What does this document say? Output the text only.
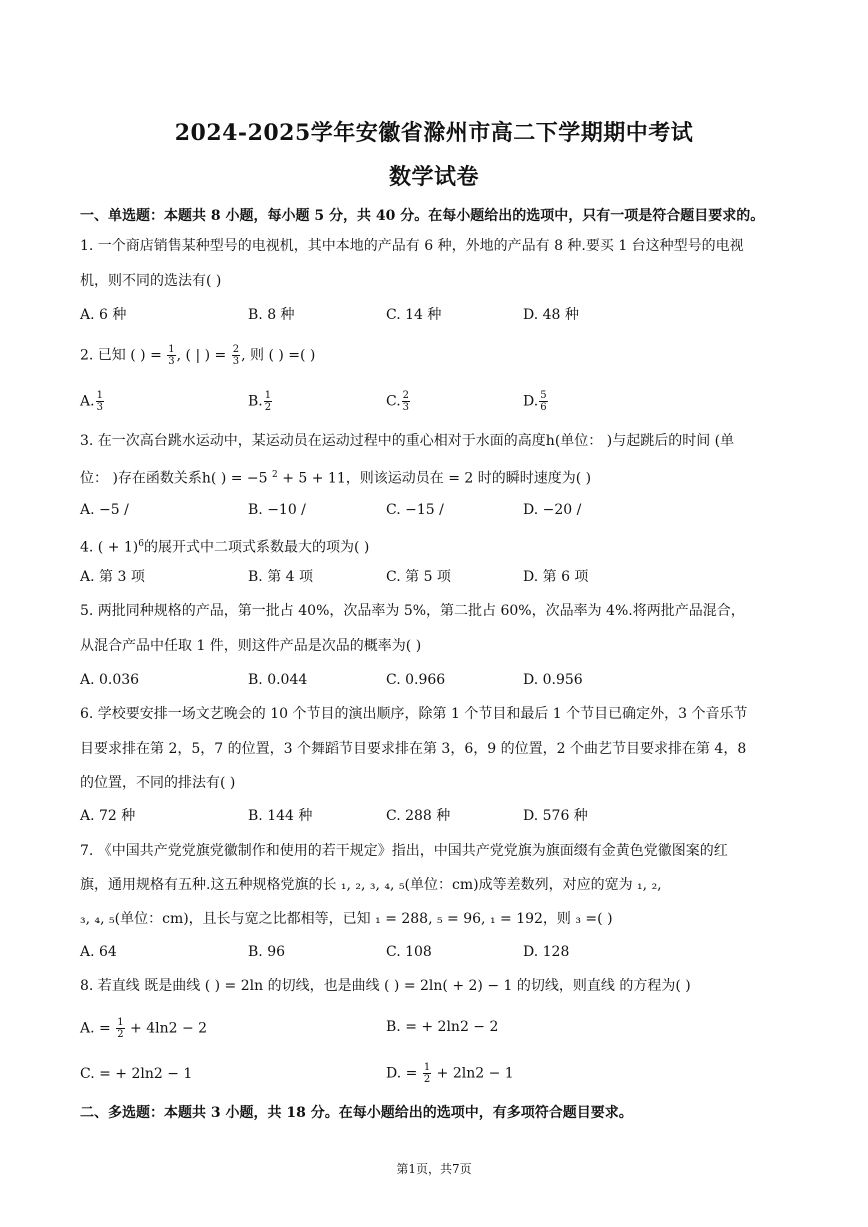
2024-2025学年安徽省滁州市高二下学期期中考试
数学试卷
一、单选题：本题共 8 小题，每小题 5 分，共 40 分。在每小题给出的选项中，只有一项是符合题目要求的。
1. 一个商店销售某种型号的电视机，其中本地的产品有 6 种，外地的产品有 8 种.要买 1 台这种型号的电视
机，则不同的选法有( )
A. 6 种	B. 8 种	C. 14 种	D. 48 种
2. 已知 ( ) = $\frac{1}{3}$ , ( | ) = $\frac{2}{3}$ , 则 ( ) =( )
A. $\frac{1}{3}$	B. $\frac{1}{2}$	C. $\frac{2}{3}$	D. $\frac{5}{6}$
3. 在一次高台跳水运动中，某运动员在运动过程中的重心相对于水面的高度h(单位： )与起跳后的时间 (单
位： )存在函数关系h( ) = −5 $^2$ + 5 + 11，则该运动员在 = 2 时的瞬时速度为( )
A. −5 /	B. −10 /	C. −15 /	D. −20 /
4. ( + 1)$^6$的展开式中二项式系数最大的项为( )
A. 第 3 项	B. 第 4 项	C. 第 5 项	D. 第 6 项
5. 两批同种规格的产品，第一批占 40%，次品率为 5%，第二批占 60%，次品率为 4%.将两批产品混合，
从混合产品中任取 1 件，则这件产品是次品的概率为( )
A. 0.036	B. 0.044	C. 0.966	D. 0.956
6. 学校要安排一场文艺晚会的 10 个节目的演出顺序，除第 1 个节目和最后 1 个节目已确定外，3 个音乐节
目要求排在第 2，5，7 的位置，3 个舞蹈节目要求排在第 3，6，9 的位置，2 个曲艺节目要求排在第 4，8
的位置，不同的排法有( )
A. 72 种	B. 144 种	C. 288 种	D. 576 种
7. 《中国共产党党旗党徽制作和使用的若干规定》指出，中国共产党党旗为旗面缀有金黄色党徽图案的红
旗，通用规格有五种.这五种规格党旗的长 ₁, ₂, ₃, ₄, ₅(单位：cm)成等差数列，对应的宽为 ₁, ₂,
₃, ₄, ₅(单位：cm)，且长与宽之比都相等，已知 ₁ = 288, ₅ = 96, ₁ = 192，则 ₃ =( )
A. 64	B. 96	C. 108	D. 128
8. 若直线 既是曲线 ( ) = 2ln 的切线，也是曲线 ( ) = 2ln( + 2) − 1 的切线，则直线 的方程为( )
A. = $\frac{1}{2} + 4\ln 2 - 2$	B. = + 2ln2 − 2
C. = + 2ln2 − 1	D. = $\frac{1}{2} + 2\ln 2 - 1$
二、多选题：本题共 3 小题，共 18 分。在每小题给出的选项中，有多项符合题目要求。
第1页，共7页
